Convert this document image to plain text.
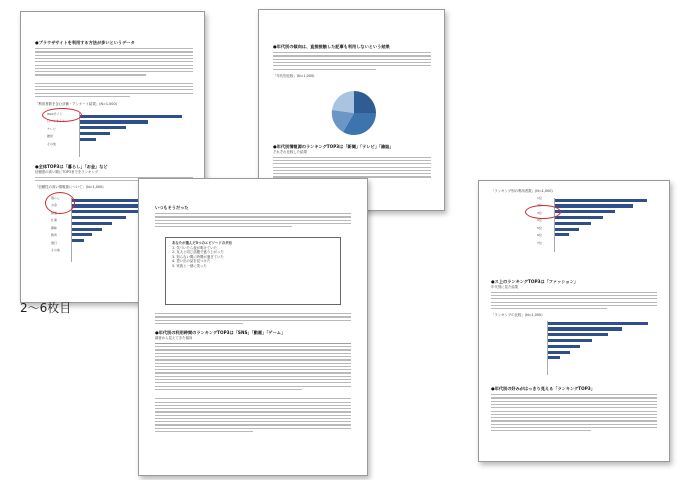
●プラウザサイトを利用する方法が多いというデータ
「利用者数を含む評価・アンケート結果」(N=1,000)
Webサイト
口コミサイト
テレビ
雑誌
その他
●全体TOP3は「暮らし」「お金」など
信頼度の高い順にTOP3までをランキング
「信頼性の高い情報源について」(N=1,000)
暮らし
お金
健康
仕事
趣味
教育
旅行
その他
●年代別の傾向は、直接接触した記事も利用しないという結果
「年代別比較」(N=1,000)
●年代別情報源のランキングTOP3は「新聞」「テレビ」「雑誌」
それぞれ比較した結果
「ランキング別の利用者数」(N=1,000)
1位
2位
3位
4位
5位
6位
7位
●ス上のランキングTOP3は「ファッション」
年代別に見た結果
「ランキングの比較」(N=1,000)
●年代別の好みがはっきり見える「ランキングTOP3」
いつもそうだった
あなたが選んだ5つのエピソードの共有
1. 気づいたら夜が明けていた
2. 友人と同じ話題で盛り上がった
3. 知らない間に時間が過ぎていた
4. 思い出の品を見つけた
5. 家族と一緒に笑った
●年代別の利用時間のランキングTOP3は「SNS」「動画」「ゲーム」
調査から見えてきた傾向
2～6枚目
